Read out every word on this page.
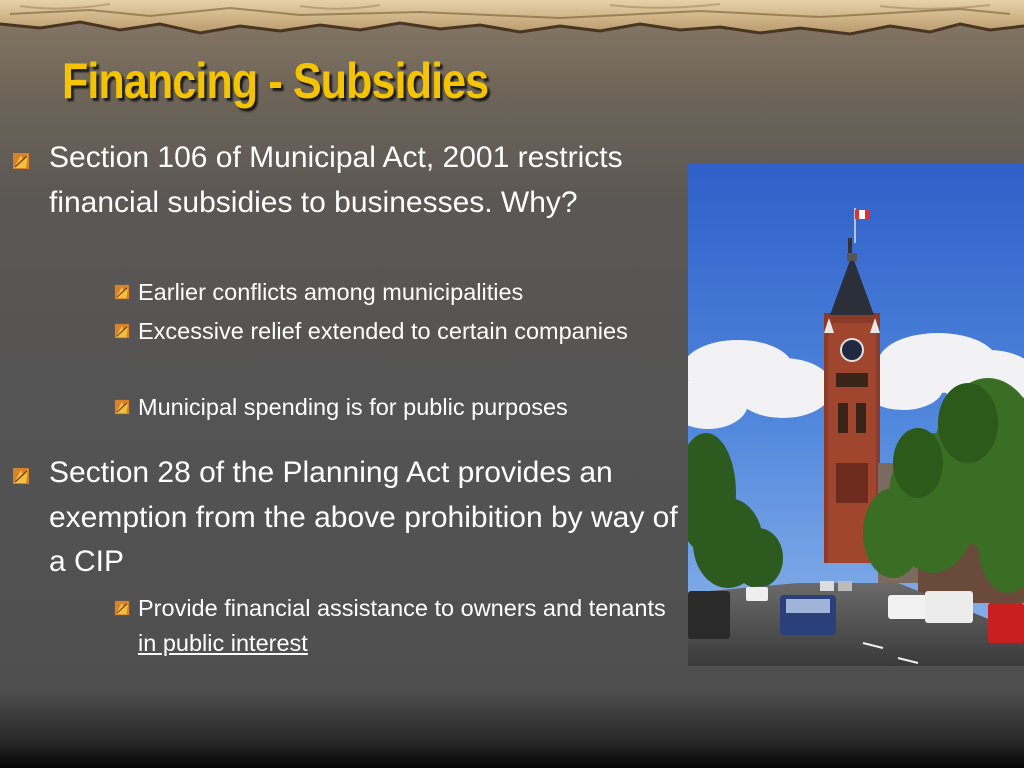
Financing - Subsidies
Section 106 of Municipal Act, 2001 restricts financial subsidies to businesses. Why?
Earlier conflicts among municipalities
Excessive relief extended to certain companies
Municipal spending is for public purposes
Section 28 of the Planning Act provides an exemption from the above prohibition by way of a CIP
Provide financial assistance to owners and tenants in public interest
